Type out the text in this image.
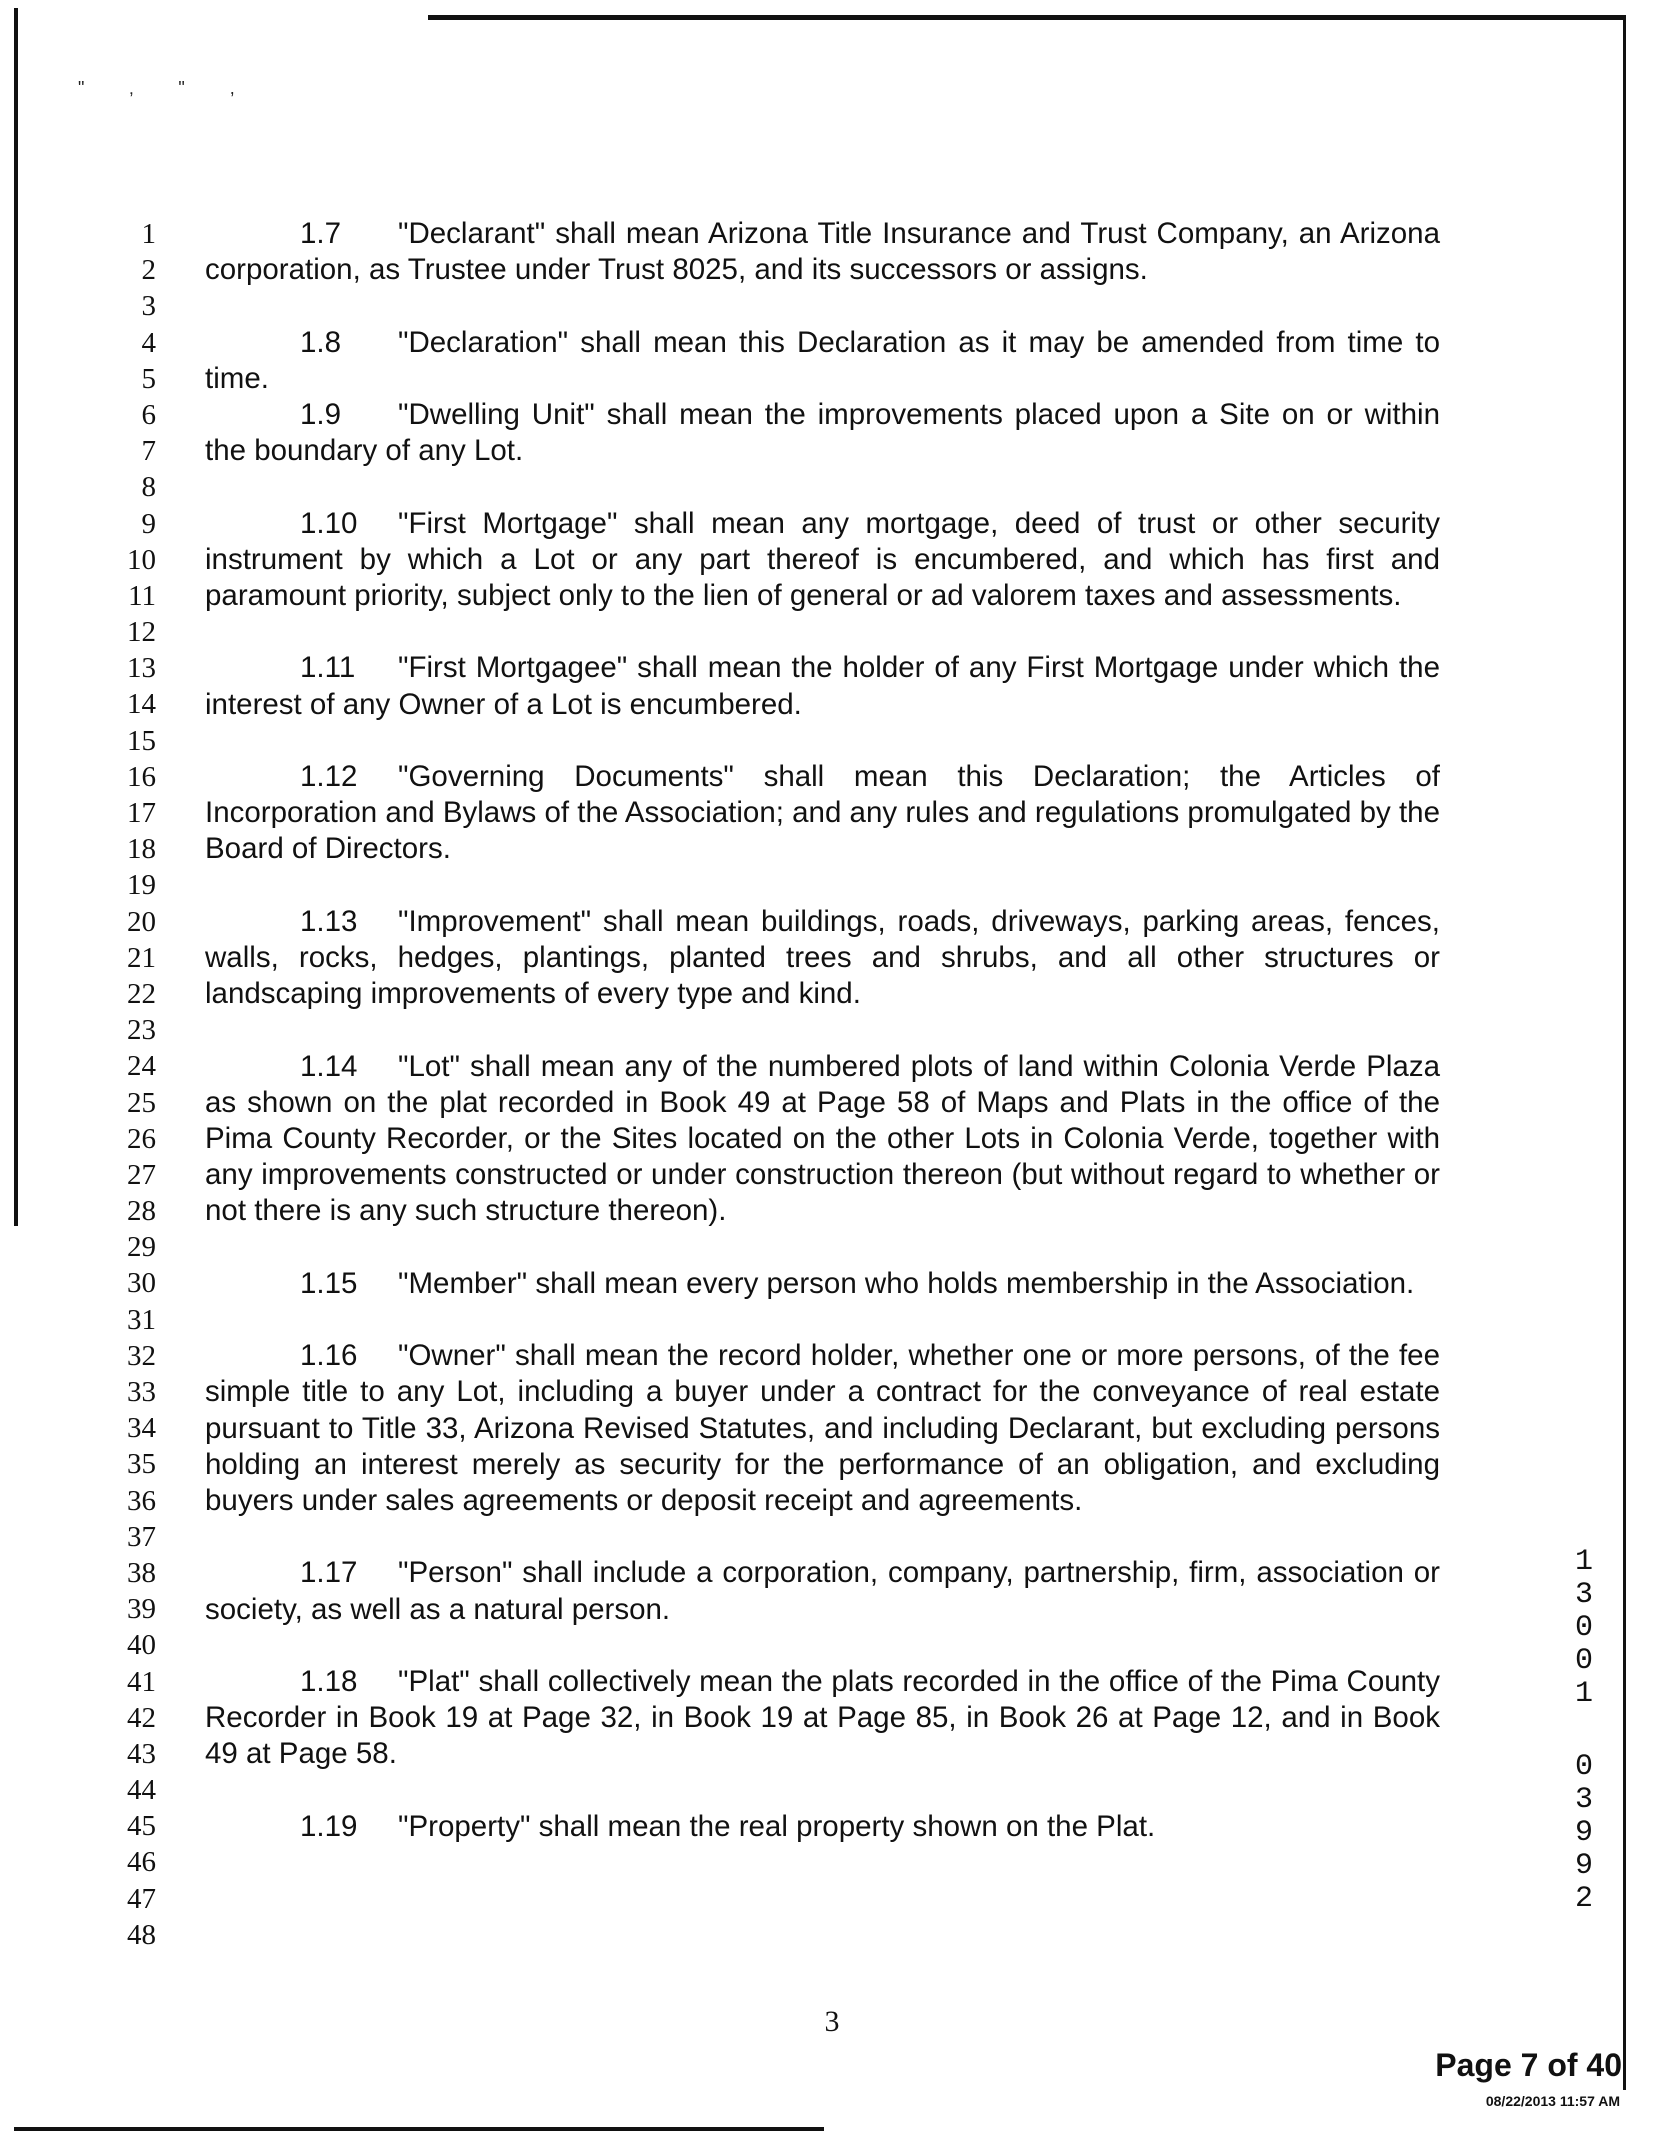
" ‚ " ,
1
2
3
4
5
6
7
8
9
10
11
12
13
14
15
16
17
18
19
20
21
22
23
24
25
26
27
28
29
30
31
32
33
34
35
36
37
38
39
40
41
42
43
44
45
46
47
48

1.7 "Declarant" shall mean Arizona Title Insurance and Trust Company, an Arizona corporation, as Trustee under Trust 8025, and its successors or assigns.

1.8 "Declaration" shall mean this Declaration as it may be amended from time to time.

1.9 "Dwelling Unit" shall mean the improvements placed upon a Site on or within the boundary of any Lot.

1.10 "First Mortgage" shall mean any mortgage, deed of trust or other security instrument by which a Lot or any part thereof is encumbered, and which has first and paramount priority, subject only to the lien of general or ad valorem taxes and assessments.

1.11 "First Mortgagee" shall mean the holder of any First Mortgage under which the interest of any Owner of a Lot is encumbered.

1.12 "Governing Documents" shall mean this Declaration; the Articles of Incorporation and Bylaws of the Association; and any rules and regulations promulgated by the Board of Directors.

1.13 "Improvement" shall mean buildings, roads, driveways, parking areas, fences, walls, rocks, hedges, plantings, planted trees and shrubs, and all other structures or landscaping improvements of every type and kind.

1.14 "Lot" shall mean any of the numbered plots of land within Colonia Verde Plaza as shown on the plat recorded in Book 49 at Page 58 of Maps and Plats in the office of the Pima County Recorder, or the Sites located on the other Lots in Colonia Verde, together with any improvements constructed or under construction thereon (but without regard to whether or not there is any such structure thereon).

1.15 "Member" shall mean every person who holds membership in the Association.

1.16 "Owner" shall mean the record holder, whether one or more persons, of the fee simple title to any Lot, including a buyer under a contract for the conveyance of real estate pursuant to Title 33, Arizona Revised Statutes, and including Declarant, but excluding persons holding an interest merely as security for the performance of an obligation, and excluding buyers under sales agreements or deposit receipt and agreements.

1.17 "Person" shall include a corporation, company, partnership, firm, association or society, as well as a natural person.

1.18 "Plat" shall collectively mean the plats recorded in the office of the Pima County Recorder in Book 19 at Page 32, in Book 19 at Page 85, in Book 26 at Page 12, and in Book 49 at Page 58.

1.19 "Property" shall mean the real property shown on the Plat.

3
Page 7 of 40
08/22/2013 11:57 AM
1
3
0
0
1
0
3
9
9
2
